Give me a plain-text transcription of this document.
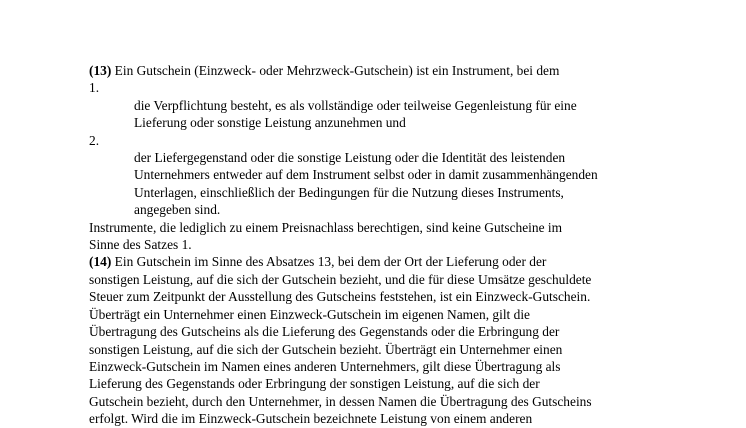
(13) Ein Gutschein (Einzweck- oder Mehrzweck-Gutschein) ist ein Instrument, bei dem

1.

die Verpflichtung besteht, es als vollständige oder teilweise Gegenleistung für eine

Lieferung oder sonstige Leistung anzunehmen und

2.

der Liefergegenstand oder die sonstige Leistung oder die Identität des leistenden

Unternehmers entweder auf dem Instrument selbst oder in damit zusammenhängenden

Unterlagen, einschließlich der Bedingungen für die Nutzung dieses Instruments,

angegeben sind.

Instrumente, die lediglich zu einem Preisnachlass berechtigen, sind keine Gutscheine im

Sinne des Satzes 1.

(14) Ein Gutschein im Sinne des Absatzes 13, bei dem der Ort der Lieferung oder der

sonstigen Leistung, auf die sich der Gutschein bezieht, und die für diese Umsätze geschuldete

Steuer zum Zeitpunkt der Ausstellung des Gutscheins feststehen, ist ein Einzweck-Gutschein.

Überträgt ein Unternehmer einen Einzweck-Gutschein im eigenen Namen, gilt die

Übertragung des Gutscheins als die Lieferung des Gegenstands oder die Erbringung der

sonstigen Leistung, auf die sich der Gutschein bezieht. Überträgt ein Unternehmer einen

Einzweck-Gutschein im Namen eines anderen Unternehmers, gilt diese Übertragung als

Lieferung des Gegenstands oder Erbringung der sonstigen Leistung, auf die sich der

Gutschein bezieht, durch den Unternehmer, in dessen Namen die Übertragung des Gutscheins

erfolgt. Wird die im Einzweck-Gutschein bezeichnete Leistung von einem anderen
